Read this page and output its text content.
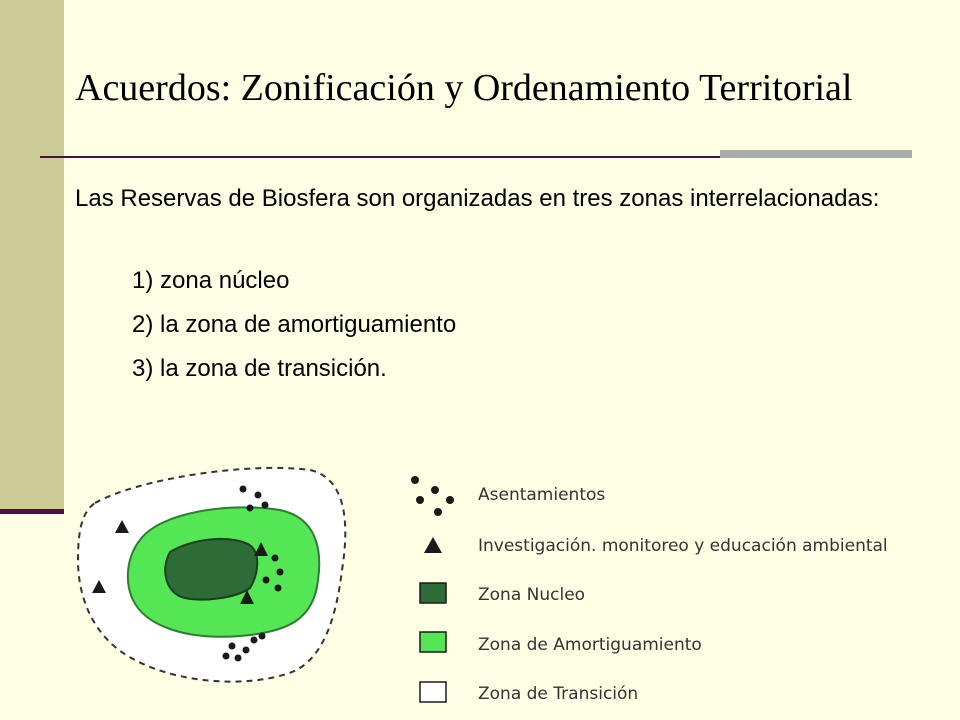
Acuerdos: Zonificación y Ordenamiento Territorial

Las Reservas de Biosfera son organizadas en tres zonas interrelacionadas:

1) zona núcleo
2) la zona de amortiguamiento
3) la zona de transición.
Asentamientos
Investigación. monitoreo y educación ambiental
Zona Nucleo
Zona de Amortiguamiento
Zona de Transición
